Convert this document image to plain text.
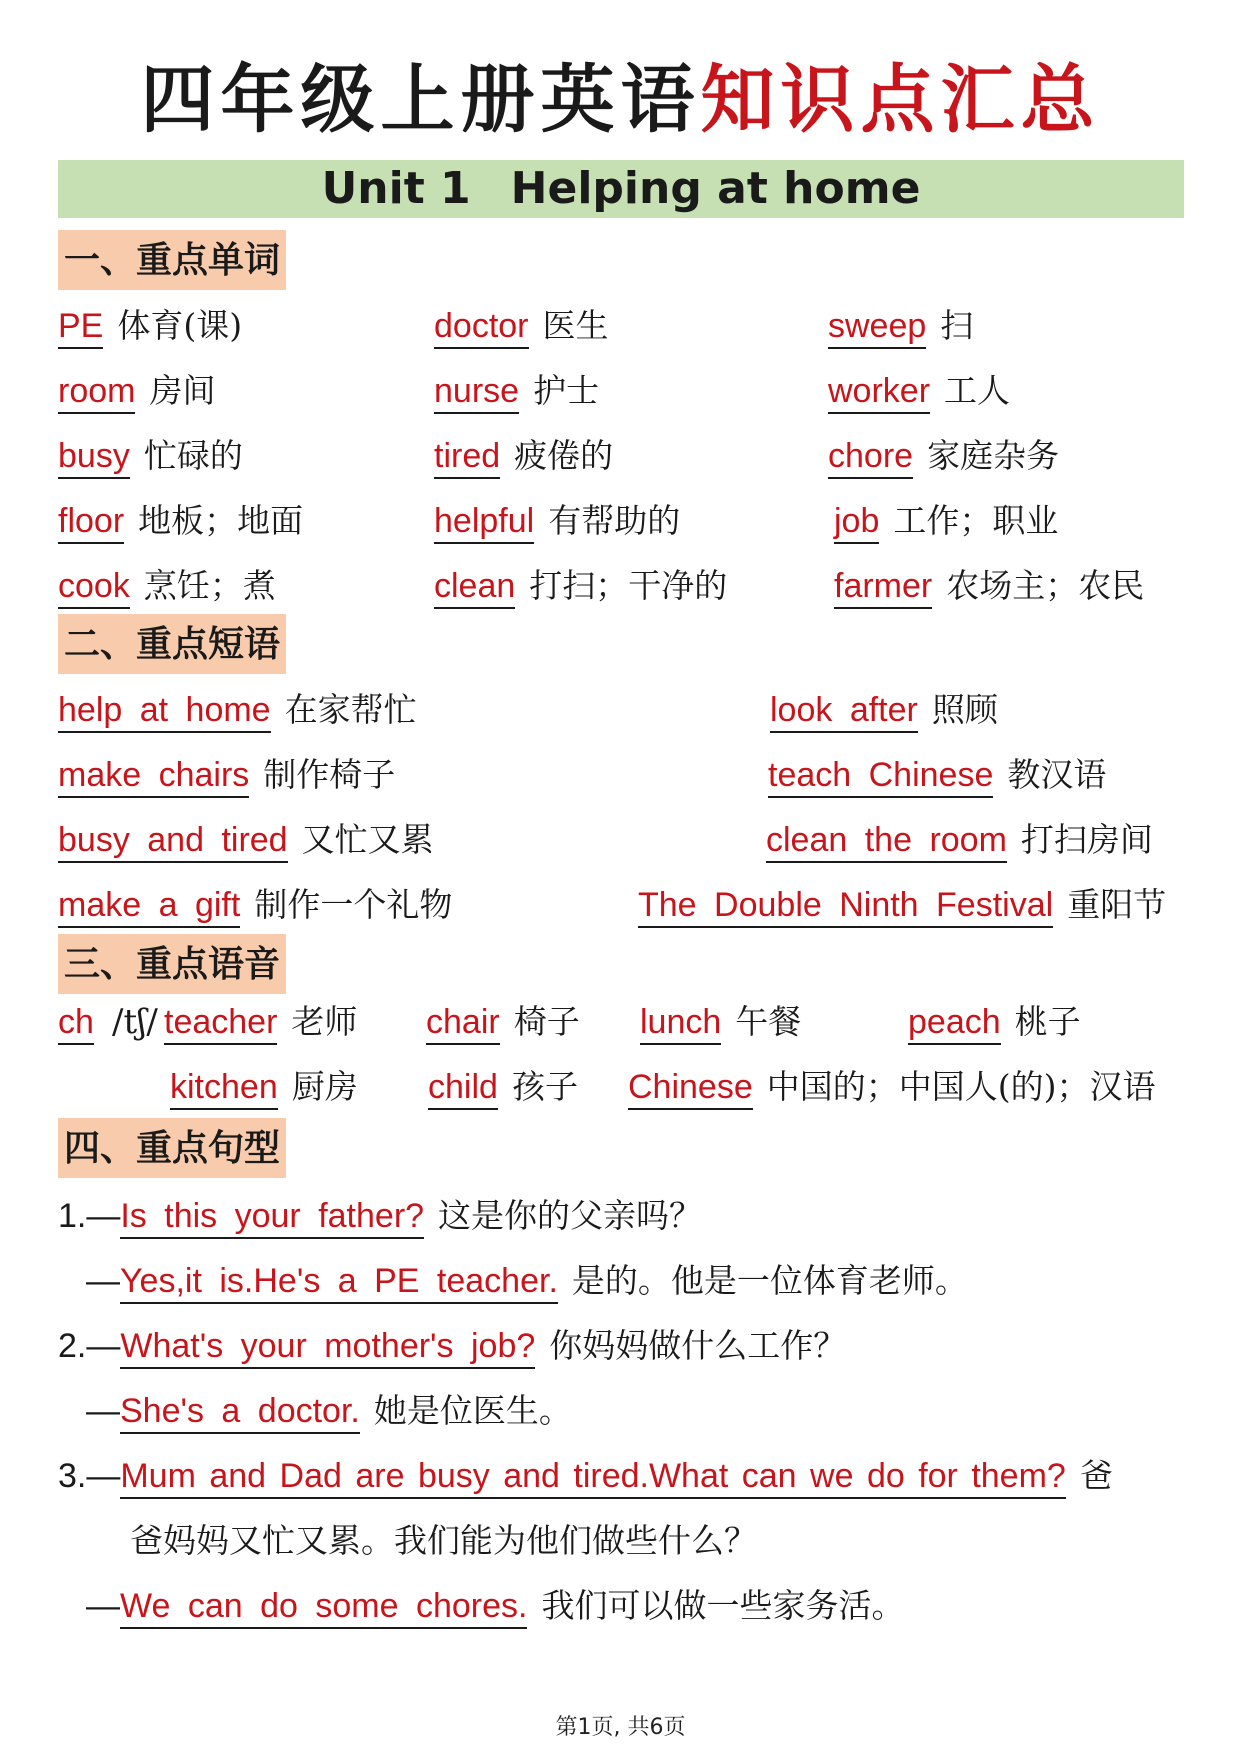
四年级上册英语知识点汇总
Unit 1 Helping at home
一、重点单词
PE 体育(课)	doctor 医生	sweep 扫
room 房间	nurse 护士	worker 工人
busy 忙碌的	tired 疲倦的	chore 家庭杂务
floor 地板；地面	helpful 有帮助的	job 工作；职业
cook 烹饪；煮	clean 打扫；干净的	farmer 农场主；农民
二、重点短语
help at home 在家帮忙	look after 照顾
make chairs 制作椅子	teach Chinese 教汉语
busy and tired 又忙又累	clean the room 打扫房间
make a gift 制作一个礼物	The Double Ninth Festival 重阳节
三、重点语音
ch /tʃ/ teacher 老师 chair 椅子 lunch 午餐	peach 桃子
kitchen 厨房 child 孩子 Chinese 中国的；中国人(的)；汉语
四、重点句型
1.—Is this your father? 这是你的父亲吗？
—Yes,it is.He's a PE teacher. 是的。他是一位体育老师。
2.—What's your mother's job? 你妈妈做什么工作？
—She's a doctor. 她是位医生。
3.—Mum and Dad are busy and tired.What can we do for them? 爸
爸妈妈又忙又累。我们能为他们做些什么？
—We can do some chores. 我们可以做一些家务活。
第1页, 共6页
